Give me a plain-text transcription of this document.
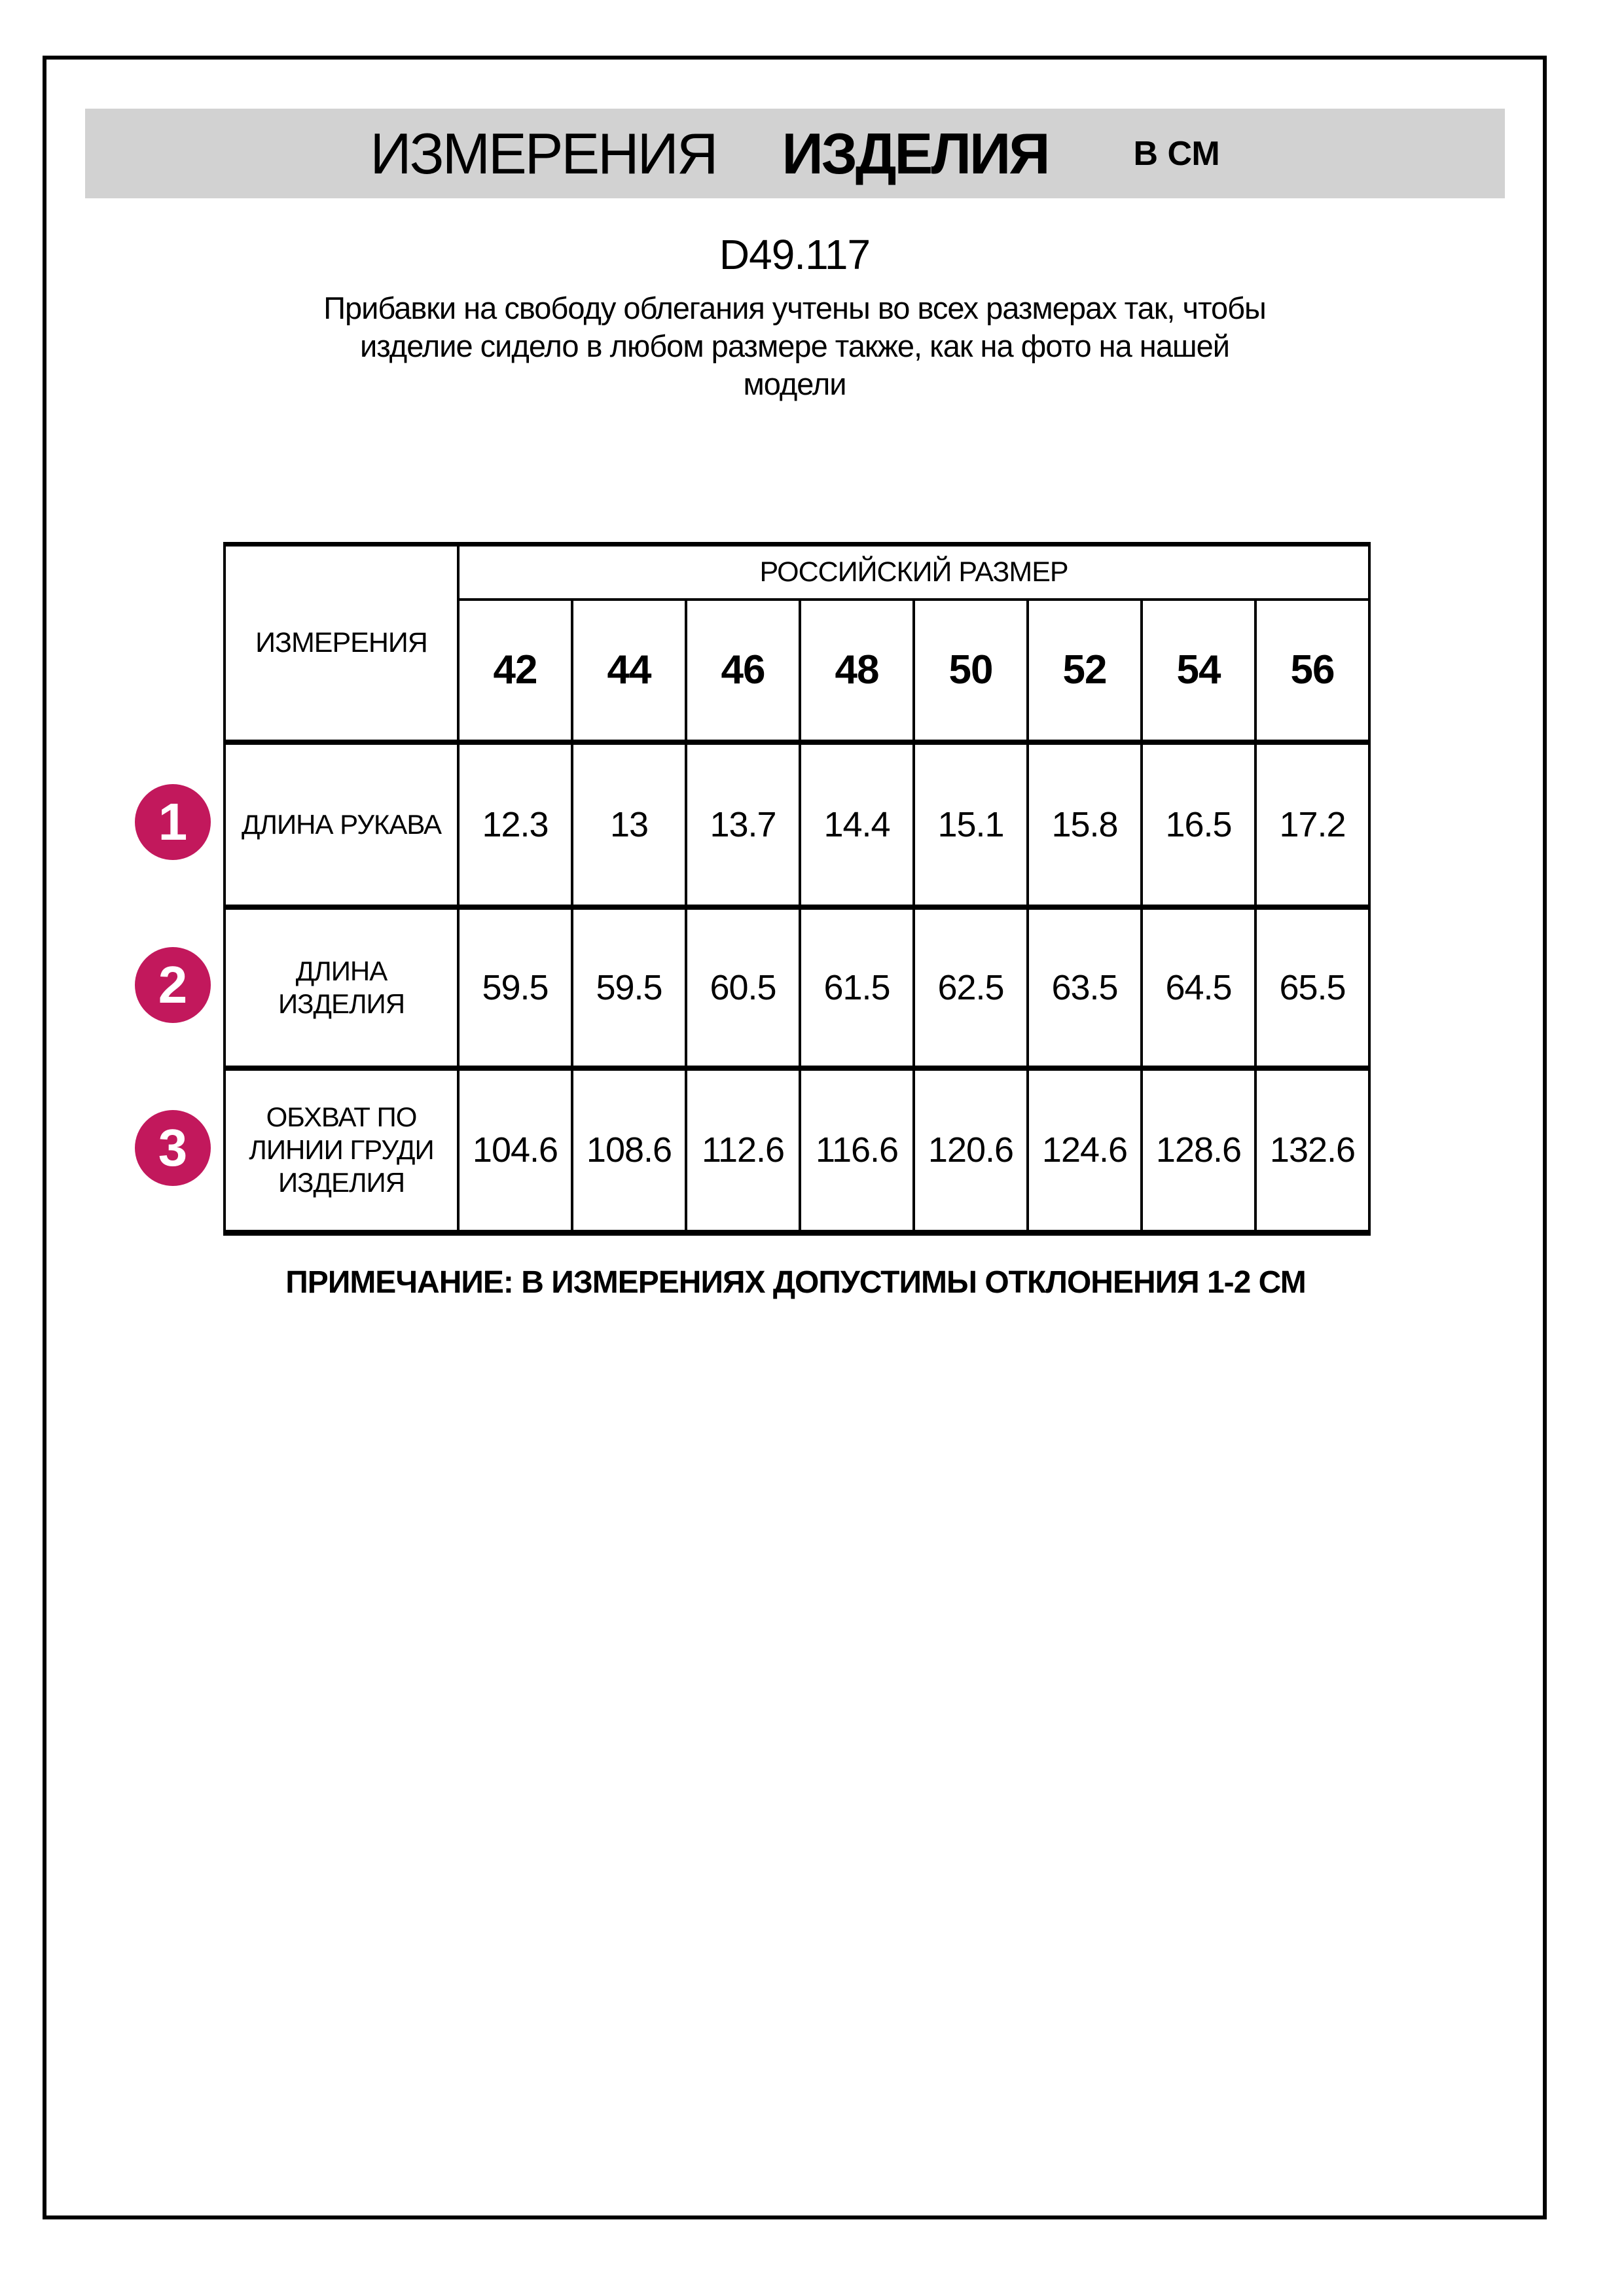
ИЗМЕРЕНИЯ ИЗДЕЛИЯ	В СМ
D49.117
Прибавки на свободу облегания учтены во всех размерах так, чтобы
изделие сидело в любом размере также, как на фото на нашей
модели
ИЗМЕРЕНИЯ	РОССИЙСКИЙ РАЗМЕР							
	42	44	46	48	50	52	54	56

ДЛИНА РУКАВА	12.3	13	13.7	14.4	15.1	15.8	16.5	17.2

ДЛИНА
ИЗДЕЛИЯ	59.5	59.5	60.5	61.5	62.5	63.5	64.5	65.5

ОБХВАТ ПО
ЛИНИИ ГРУДИ
ИЗДЕЛИЯ	104.6	108.6	112.6	116.6	120.6	124.6	128.6	132.6
1
2
3
ПРИМЕЧАНИЕ: В ИЗМЕРЕНИЯХ ДОПУСТИМЫ ОТКЛОНЕНИЯ 1-2 СМ
